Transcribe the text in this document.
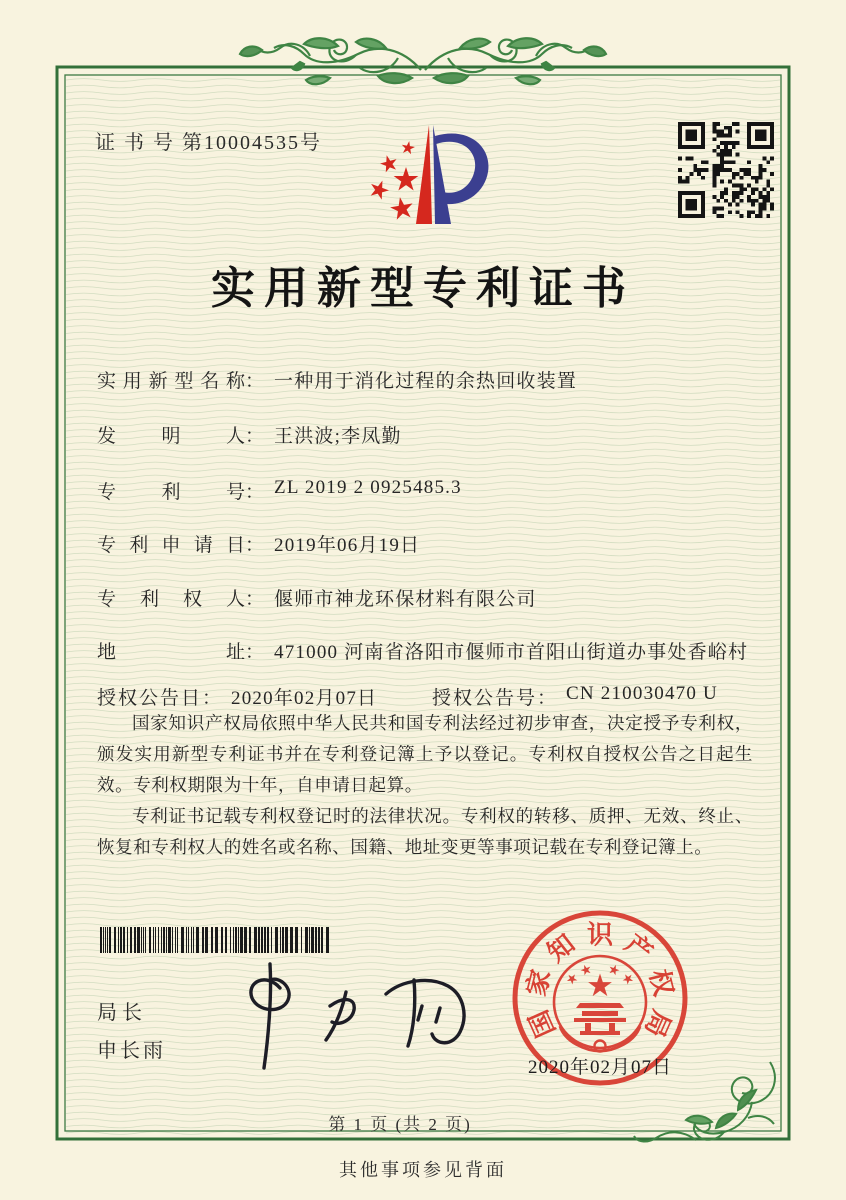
证 书 号 第10004535号
实用新型专利证书
实用新型名称： 一种用于消化过程的余热回收装置
发明人： 王洪波;李凤勤
专利号： ZL 2019 2 0925485.3
专利申请日： 2019年06月19日
专利权人： 偃师市神龙环保材料有限公司
地址： 471000 河南省洛阳市偃师市首阳山街道办事处香峪村
授权公告日： 2020年02月07日	授权公告号： CN 210030470 U

国家知识产权局依照中华人民共和国专利法经过初步审查，决定授予专利权，颁发实用新型专利证书并在专利登记簿上予以登记。专利权自授权公告之日起生效。专利权期限为十年，自申请日起算。

专利证书记载专利权登记时的法律状况。专利权的转移、质押、无效、终止、恢复和专利权人的姓名或名称、国籍、地址变更等事项记载在专利登记簿上。

局长
申长雨
国
家
知 识 产
权
局
2020年02月07日
第 1 页 (共 2 页)
其他事项参见背面
